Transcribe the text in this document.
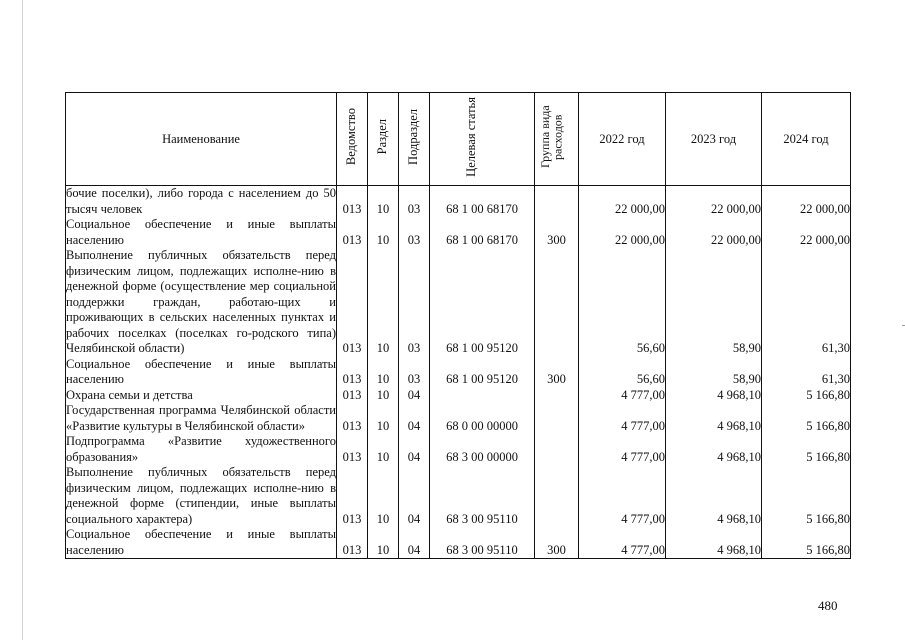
Наименование	Ведомство	Раздел	Подраздел	Целевая статья	Группа вида расходов	2022 год	2023 год	2024 год
бочие поселки), либо города с населением до 50 тысяч человек	013	10	03	68 1 00 68170		22 000,00	22 000,00	22 000,00
Социальное обеспечение и иные выплаты населению	013	10	03	68 1 00 68170	300	22 000,00	22 000,00	22 000,00
Выполнение публичных обязательств перед физическим лицом, подлежащих исполне-нию в денежной форме (осуществление мер социальной поддержки граждан, работаю-щих и проживающих в сельских населенных пунктах и рабочих поселках (поселках го-родского типа) Челябинской области)	013	10	03	68 1 00 95120		56,60	58,90	61,30
Социальное обеспечение и иные выплаты населению	013	10	03	68 1 00 95120	300	56,60	58,90	61,30
Охрана семьи и детства	013	10	04			4 777,00	4 968,10	5 166,80
Государственная программа Челябинской области «Развитие культуры в Челябинской области»	013	10	04	68 0 00 00000		4 777,00	4 968,10	5 166,80
Подпрограмма «Развитие художественного образования»	013	10	04	68 3 00 00000		4 777,00	4 968,10	5 166,80
Выполнение публичных обязательств перед физическим лицом, подлежащих исполне-нию в денежной форме (стипендии, иные выплаты социального характера)	013	10	04	68 3 00 95110		4 777,00	4 968,10	5 166,80
Социальное обеспечение и иные выплаты населению	013	10	04	68 3 00 95110	300	4 777,00	4 968,10	5 166,80
480
